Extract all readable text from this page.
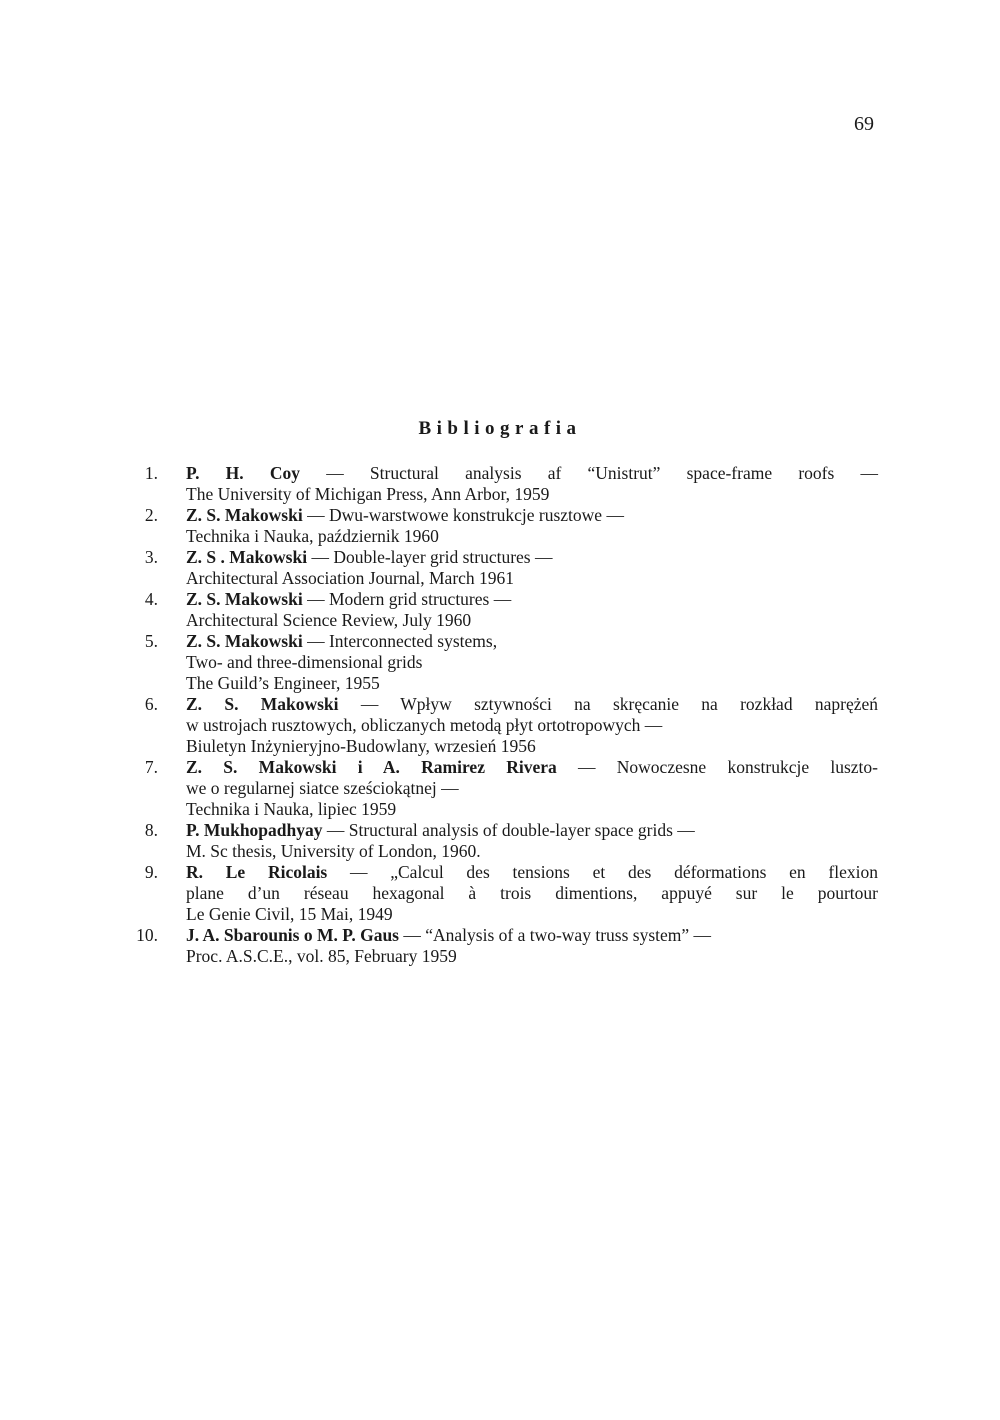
69
Bibliografia
1. P. H. Coy — Structural analysis af “Unistrut” space-frame roofs —
The University of Michigan Press, Ann Arbor, 1959
2. Z. S. Makowski — Dwu-warstwowe konstrukcje rusztowe —
Technika i Nauka, październik 1960
3. Z. S . Makowski — Double-layer grid structures —
Architectural Association Journal, March 1961
4. Z. S. Makowski — Modern grid structures —
Architectural Science Review, July 1960
5. Z. S. Makowski — Interconnected systems,
Two- and three-dimensional grids
The Guild’s Engineer, 1955
6. Z. S. Makowski — Wpływ sztywności na skręcanie na rozkład naprężeń
w ustrojach rusztowych, obliczanych metodą płyt ortotropowych —
Biuletyn Inżynieryjno-Budowlany, wrzesień 1956
7. Z. S. Makowski i A. Ramirez Rivera — Nowoczesne konstrukcje luszto-
we o regularnej siatce sześciokątnej —
Technika i Nauka, lipiec 1959
8. P. Mukhopadhyay — Structural analysis of double-layer space grids —
M. Sc thesis, University of London, 1960.
9. R. Le Ricolais — „Calcul des tensions et des déformations en flexion
plane d’un réseau hexagonal à trois dimentions, appuyé sur le pourtour
Le Genie Civil, 15 Mai, 1949
10. J. A. Sbarounis o M. P. Gaus — “Analysis of a two-way truss system” —
Proc. A.S.C.E., vol. 85, February 1959
